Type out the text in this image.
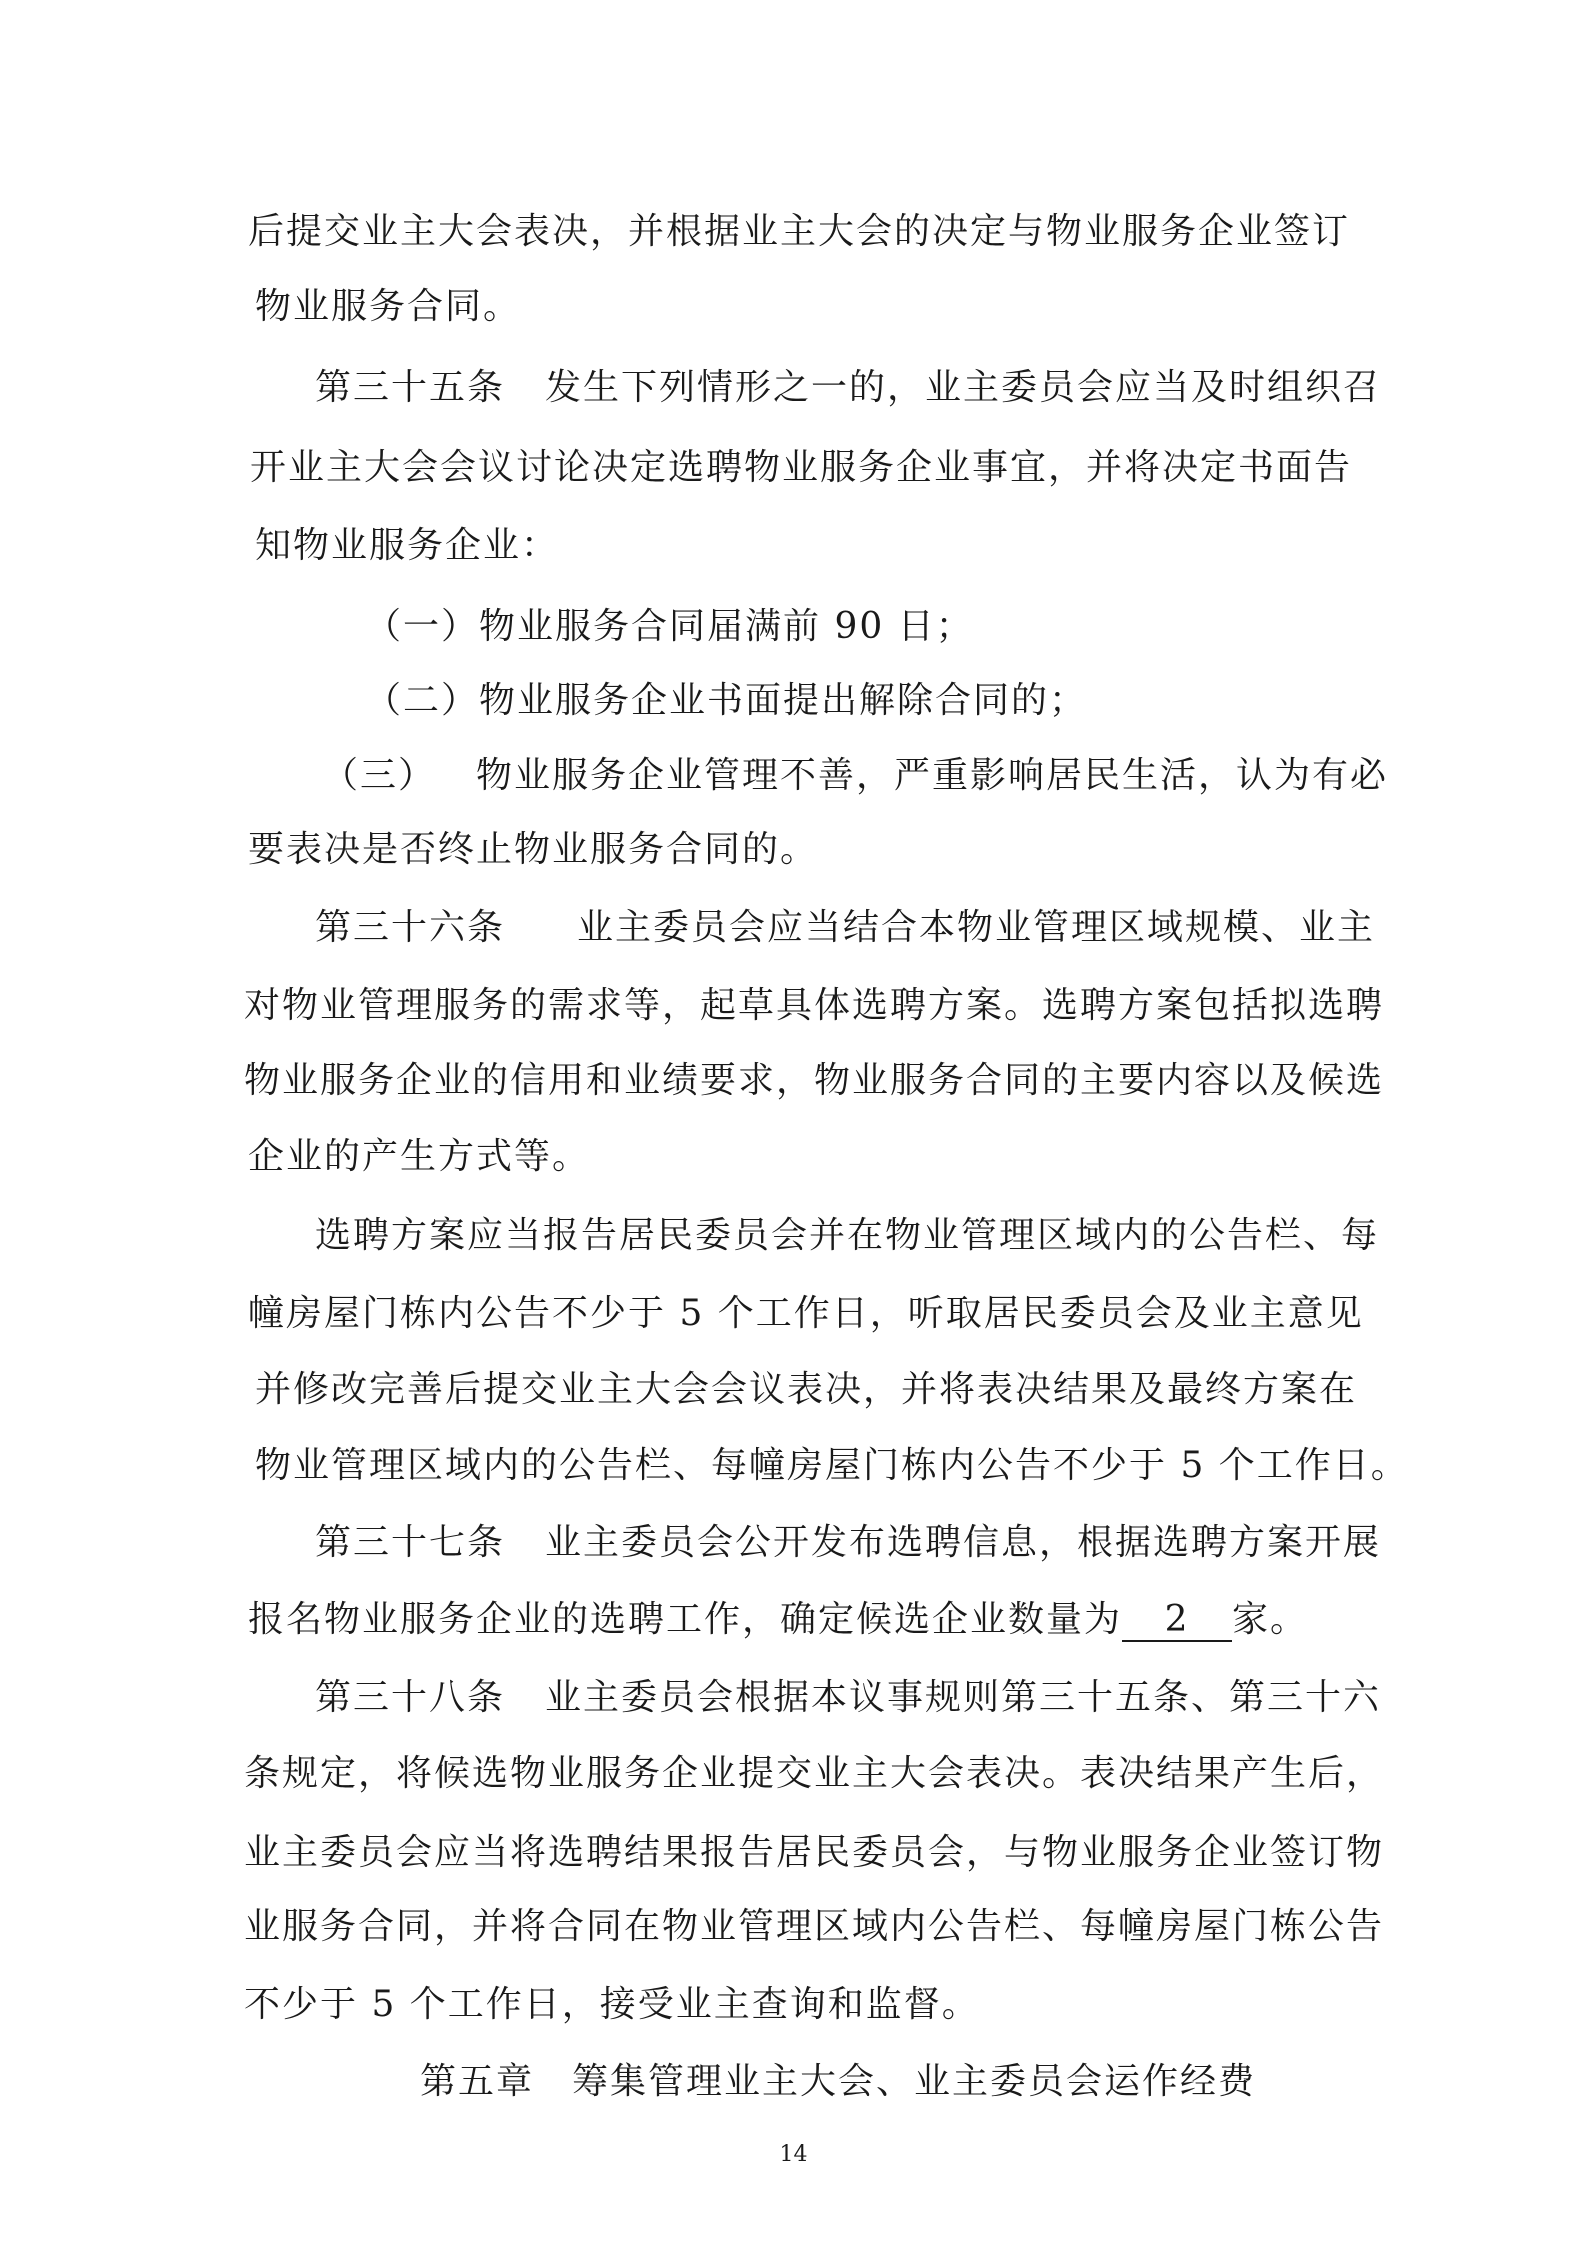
后提交业主大会表决，并根据业主大会的决定与物业服务企业签订
物业服务合同。
第三十五条 发生下列情形之一的，业主委员会应当及时组织召
开业主大会会议讨论决定选聘物业服务企业事宜，并将决定书面告
知物业服务企业：
（一）物业服务合同届满前 90 日；
（二）物业服务企业书面提出解除合同的；
（三） 物业服务企业管理不善，严重影响居民生活，认为有必
要表决是否终止物业服务合同的。
第三十六条 业主委员会应当结合本物业管理区域规模、业主
对物业管理服务的需求等，起草具体选聘方案。选聘方案包括拟选聘
物业服务企业的信用和业绩要求，物业服务合同的主要内容以及候选
企业的产生方式等。
选聘方案应当报告居民委员会并在物业管理区域内的公告栏、每
幢房屋门栋内公告不少于 5 个工作日，听取居民委员会及业主意见
并修改完善后提交业主大会会议表决，并将表决结果及最终方案在
物业管理区域内的公告栏、每幢房屋门栋内公告不少于 5 个工作日。
第三十七条 业主委员会公开发布选聘信息，根据选聘方案开展
报名物业服务企业的选聘工作，确定候选企业数量为 2 家。
第三十八条 业主委员会根据本议事规则第三十五条、第三十六
条规定，将候选物业服务企业提交业主大会表决。表决结果产生后，
业主委员会应当将选聘结果报告居民委员会，与物业服务企业签订物
业服务合同，并将合同在物业管理区域内公告栏、每幢房屋门栋公告
不少于 5 个工作日，接受业主查询和监督。
第五章　筹集管理业主大会、业主委员会运作经费
14
